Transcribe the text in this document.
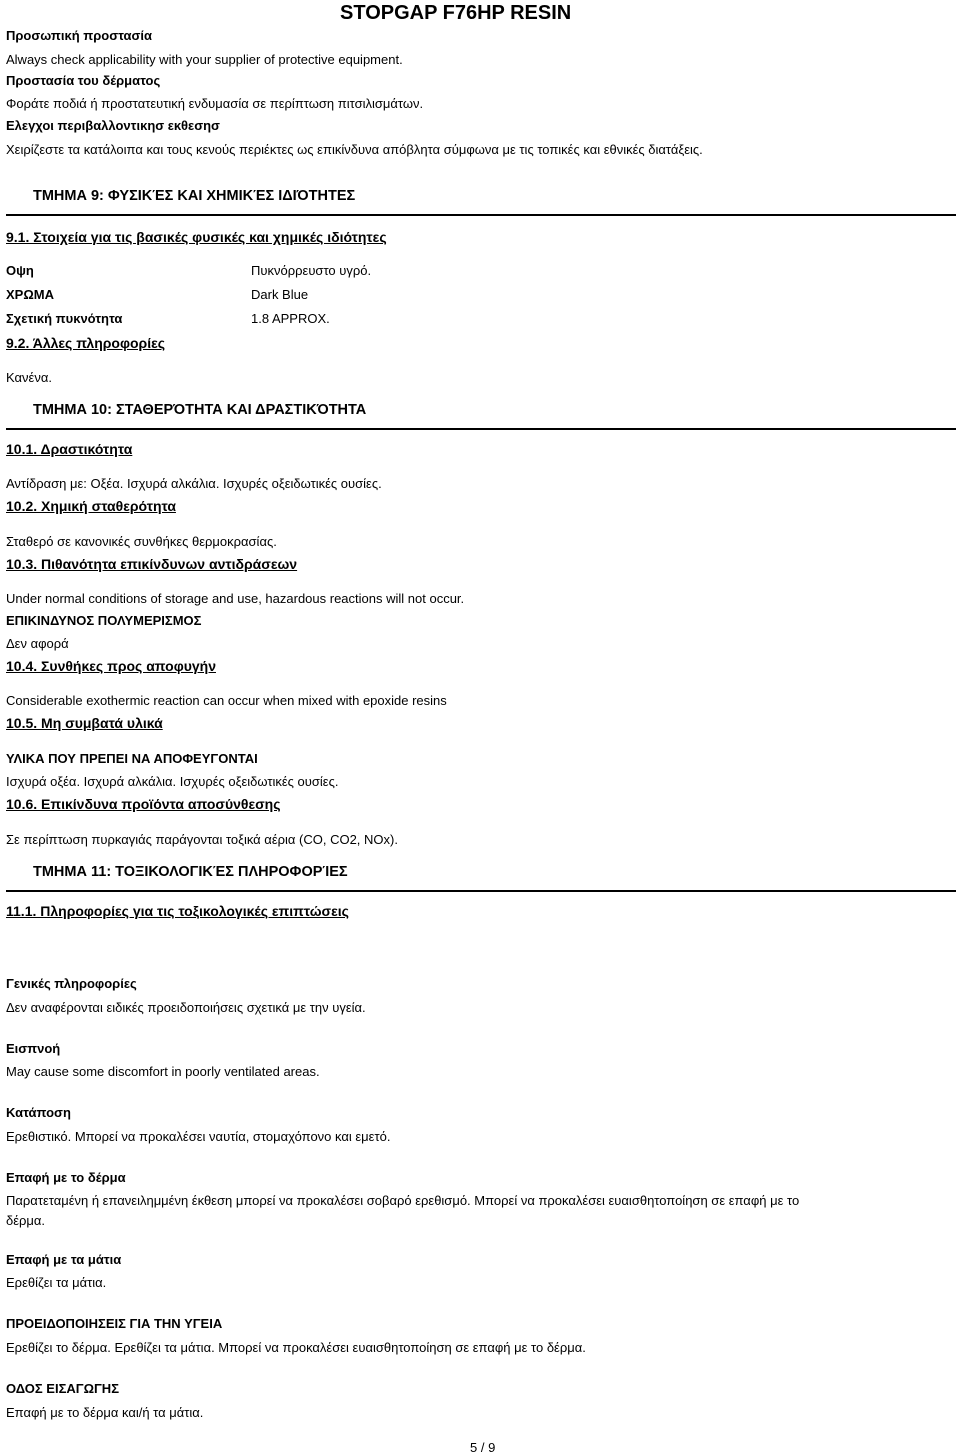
STOPGAP F76HP RESIN
Προσωπική προστασία
Always check applicability with your supplier of protective equipment.
Προστασία του δέρματος
Φοράτε ποδιά ή προστατευτική ενδυμασία σε περίπτωση πιτσιλισμάτων.
Ελεγχοι περιβαλλοντικησ εκθεσησ
Χειρίζεστε τα κατάλοιπα και τους κενούς περιέκτες ως επικίνδυνα απόβλητα σύμφωνα με τις τοπικές και εθνικές διατάξεις.
ΤΜΗΜΑ 9: ΦΥΣΙΚΈΣ ΚΑΙ ΧΗΜΙΚΈΣ ΙΔΙΌΤΗΤΕΣ
9.1. Στοιχεία για τις βασικές φυσικές και χημικές ιδιότητες
Οψη	Πυκνόρρευστο υγρό.
ΧΡΩΜΑ	Dark Blue
Σχετική πυκνότητα	1.8 APPROX.
9.2. Άλλες πληροφορίες
Κανένα.
ΤΜΗΜΑ 10: ΣΤΑΘΕΡΌΤΗΤΑ ΚΑΙ ΔΡΑΣΤΙΚΌΤΗΤΑ
10.1. Δραστικότητα
Αντίδραση με: Οξέα. Ισχυρά αλκάλια. Ισχυρές οξειδωτικές ουσίες.
10.2. Χημική σταθερότητα
Σταθερό σε κανονικές συνθήκες θερμοκρασίας.
10.3. Πιθανότητα επικίνδυνων αντιδράσεων
Under normal conditions of storage and use, hazardous reactions will not occur.
ΕΠΙΚΙΝΔΥΝΟΣ ΠΟΛΥΜΕΡΙΣΜΟΣ
Δεν αφορά
10.4. Συνθήκες προς αποφυγήν
Considerable exothermic reaction can occur when mixed with epoxide resins
10.5. Μη συμβατά υλικά
ΥΛΙΚΑ ΠΟΥ ΠΡΕΠΕΙ ΝΑ ΑΠΟΦΕΥΓΟΝΤΑΙ
Ισχυρά οξέα. Ισχυρά αλκάλια. Ισχυρές οξειδωτικές ουσίες.
10.6. Επικίνδυνα προϊόντα αποσύνθεσης
Σε περίπτωση πυρκαγιάς παράγονται τοξικά αέρια (CO, CO2, NOx).
ΤΜΗΜΑ 11: ΤΟΞΙΚΟΛΟΓΙΚΈΣ ΠΛΗΡΟΦΟΡΊΕΣ
11.1. Πληροφορίες για τις τοξικολογικές επιπτώσεις
Γενικές πληροφορίες
Δεν αναφέρονται ειδικές προειδοποιήσεις σχετικά με την υγεία.
Εισπνοή
May cause some discomfort in poorly ventilated areas.
Κατάποση
Ερεθιστικό. Μπορεί να προκαλέσει ναυτία, στομαχόπονο και εμετό.
Επαφή με το δέρμα
Παρατεταμένη ή επανειλημμένη έκθεση μπορεί να προκαλέσει σοβαρό ερεθισμό. Μπορεί να προκαλέσει ευαισθητοποίηση σε επαφή με το
δέρμα.
Επαφή με τα μάτια
Ερεθίζει τα μάτια.
ΠΡΟΕΙΔΟΠΟΙΗΣΕΙΣ ΓΙΑ ΤΗΝ ΥΓΕΙΑ
Ερεθίζει το δέρμα. Ερεθίζει τα μάτια. Μπορεί να προκαλέσει ευαισθητοποίηση σε επαφή με το δέρμα.
ΟΔΟΣ ΕΙΣΑΓΩΓΗΣ
Επαφή με το δέρμα και/ή τα μάτια.
5 / 9
